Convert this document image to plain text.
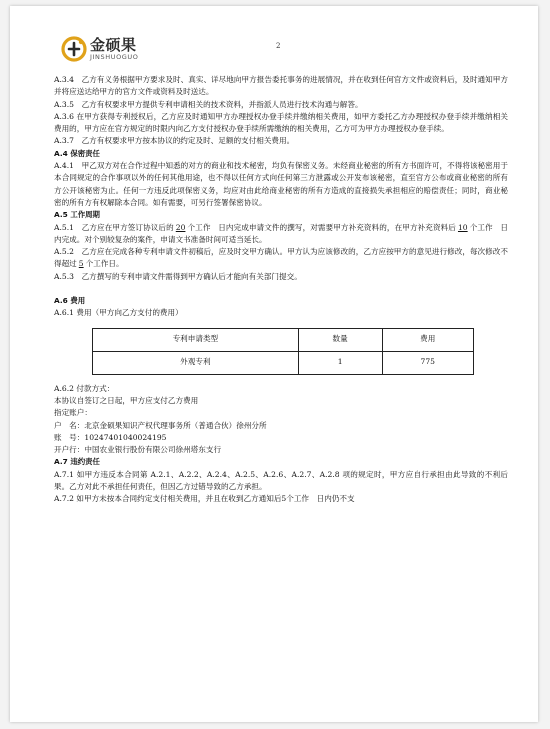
金硕果
JINSHUOGUO
2

A.3.4　乙方有义务根据甲方要求及时、真实、详尽地向甲方报告委托事务的进展情况，并在收到任何官方文件或资料后，及时通知甲方并将应送达给甲方的官方文件或资料及时送达。

A.3.5　乙方有权要求甲方提供专利申请相关的技术资料，并指派人员进行技术沟通与解答。

A.3.6 在甲方获得专利授权后，乙方应及时通知甲方办理授权办登手续并缴纳相关费用，如甲方委托乙方办理授权办登手续并缴纳相关费用的，甲方应在官方规定的时限内向乙方支付授权办登手续所需缴纳的相关费用，乙方可为甲方办理授权办登手续。

A.3.7　乙方有权要求甲方按本协议的约定及时、足额的支付相关费用。

A.4 保密责任

A.4.1　甲乙双方对在合作过程中知悉的对方的商业和技术秘密，均负有保密义务。未经商业秘密的所有方书面许可，不得将该秘密用于本合同规定的合作事项以外的任何其他用途，也不得以任何方式向任何第三方泄露或公开发布该秘密，直至官方公布或商业秘密的所有方公开该秘密为止。任何一方违反此项保密义务，均应对由此给商业秘密的所有方造成的直接损失承担相应的赔偿责任；同时，商业秘密的所有方有权解除本合同。如有需要，可另行签署保密协议。

A.5 工作周期

A.5.1　乙方应在甲方签订协议后的 20 个工作　日内完成申请文件的撰写，对需要甲方补充资料的，在甲方补充资料后 10 个工作　日内完成。对个别较复杂的案件，申请文书准备时间可适当延长。

A.5.2　乙方应在完成各种专利申请文件初稿后，应及时交甲方确认。甲方认为应该修改的，乙方应按甲方的意见进行修改，每次修改不得超过 5 个工作日。

A.5.3　乙方撰写的专利申请文件需得到甲方确认后才能向有关部门提交。

A.6 费用

A.6.1 费用（甲方向乙方支付的费用）

专利申请类型	数量	费用
外观专利	1	775

A.6.2 付款方式：

本协议自签订之日起，甲方应支付乙方费用

指定账户：

户　名：北京金硕果知识产权代理事务所（普通合伙）徐州分所

账　号：10247401040024195

开户行：中国农业银行股份有限公司徐州塔东支行

A.7 违约责任

A.7.1 如甲方违反本合同第 A.2.1、A.2.2、A.2.4、A.2.5、A.2.6、A.2.7、A.2.8 项的规定时，甲方应自行承担由此导致的不利后果。乙方对此不承担任何责任，但因乙方过错导致的乙方承担。

A.7.2 如甲方未按本合同约定支付相关费用，并且在收到乙方通知后5个工作　日内仍不支
